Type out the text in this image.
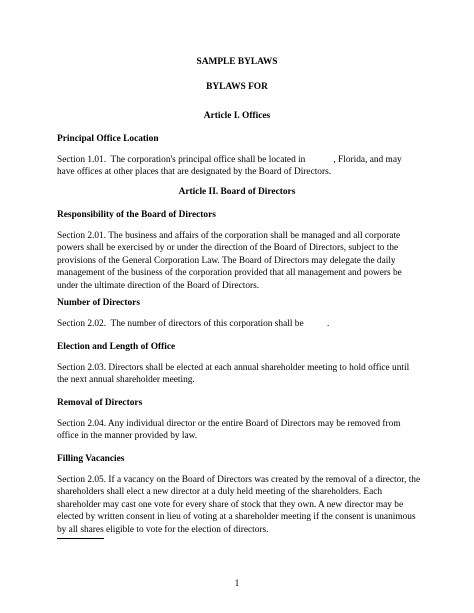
SAMPLE BYLAWS
BYLAWS FOR
Article I. Offices
Principal Office Location

Section 1.01.  The corporation's principal office shall be located in            , Florida, and may
have offices at other places that are designated by the Board of Directors.

Article II. Board of Directors
Responsibility of the Board of Directors

Section 2.01. The business and affairs of the corporation shall be managed and all corporate
powers shall be exercised by or under the direction of the Board of Directors, subject to the
provisions of the General Corporation Law. The Board of Directors may delegate the daily
management of the business of the corporation provided that all management and powers be
under the ultimate direction of the Board of Directors.

Number of Directors

Section 2.02.  The number of directors of this corporation shall be          .

Election and Length of Office

Section 2.03. Directors shall be elected at each annual shareholder meeting to hold office until
the next annual shareholder meeting.

Removal of Directors

Section 2.04. Any individual director or the entire Board of Directors may be removed from
office in the manner provided by law.

Filling Vacancies

Section 2.05. If a vacancy on the Board of Directors was created by the removal of a director, the
shareholders shall elect a new director at a duly held meeting of the shareholders. Each
shareholder may cast one vote for every share of stock that they own. A new director may be
elected by written consent in lieu of voting at a shareholder meeting if the consent is unanimous
by all shares eligible to vote for the election of directors.

1
